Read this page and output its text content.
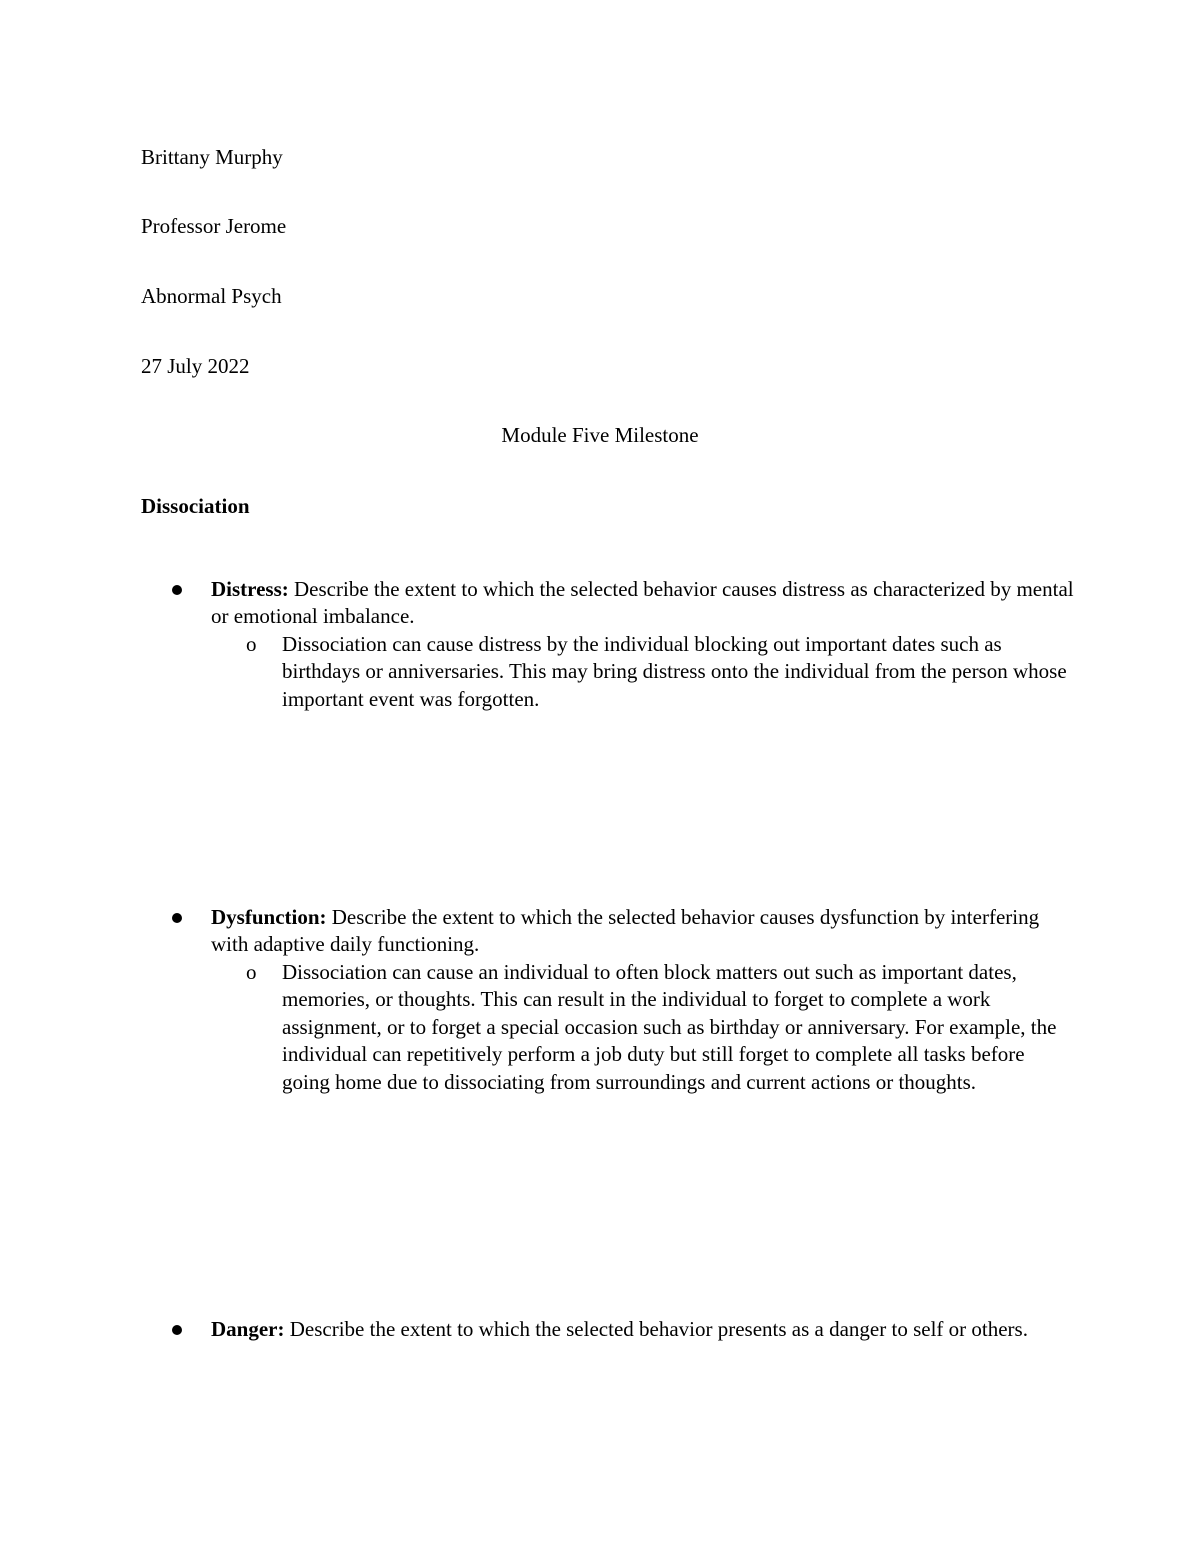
Brittany Murphy
Professor Jerome
Abnormal Psych
27 July 2022
Module Five Milestone
Dissociation
Distress: Describe the extent to which the selected behavior causes distress as characterized by mental or emotional imbalance.
o Dissociation can cause distress by the individual blocking out important dates such as birthdays or anniversaries. This may bring distress onto the individual from the person whose important event was forgotten.
Dysfunction: Describe the extent to which the selected behavior causes dysfunction by interfering with adaptive daily functioning.
o Dissociation can cause an individual to often block matters out such as important dates, memories, or thoughts. This can result in the individual to forget to complete a work assignment, or to forget a special occasion such as birthday or anniversary. For example, the individual can repetitively perform a job duty but still forget to complete all tasks before going home due to dissociating from surroundings and current actions or thoughts.
Danger: Describe the extent to which the selected behavior presents as a danger to self or others.
